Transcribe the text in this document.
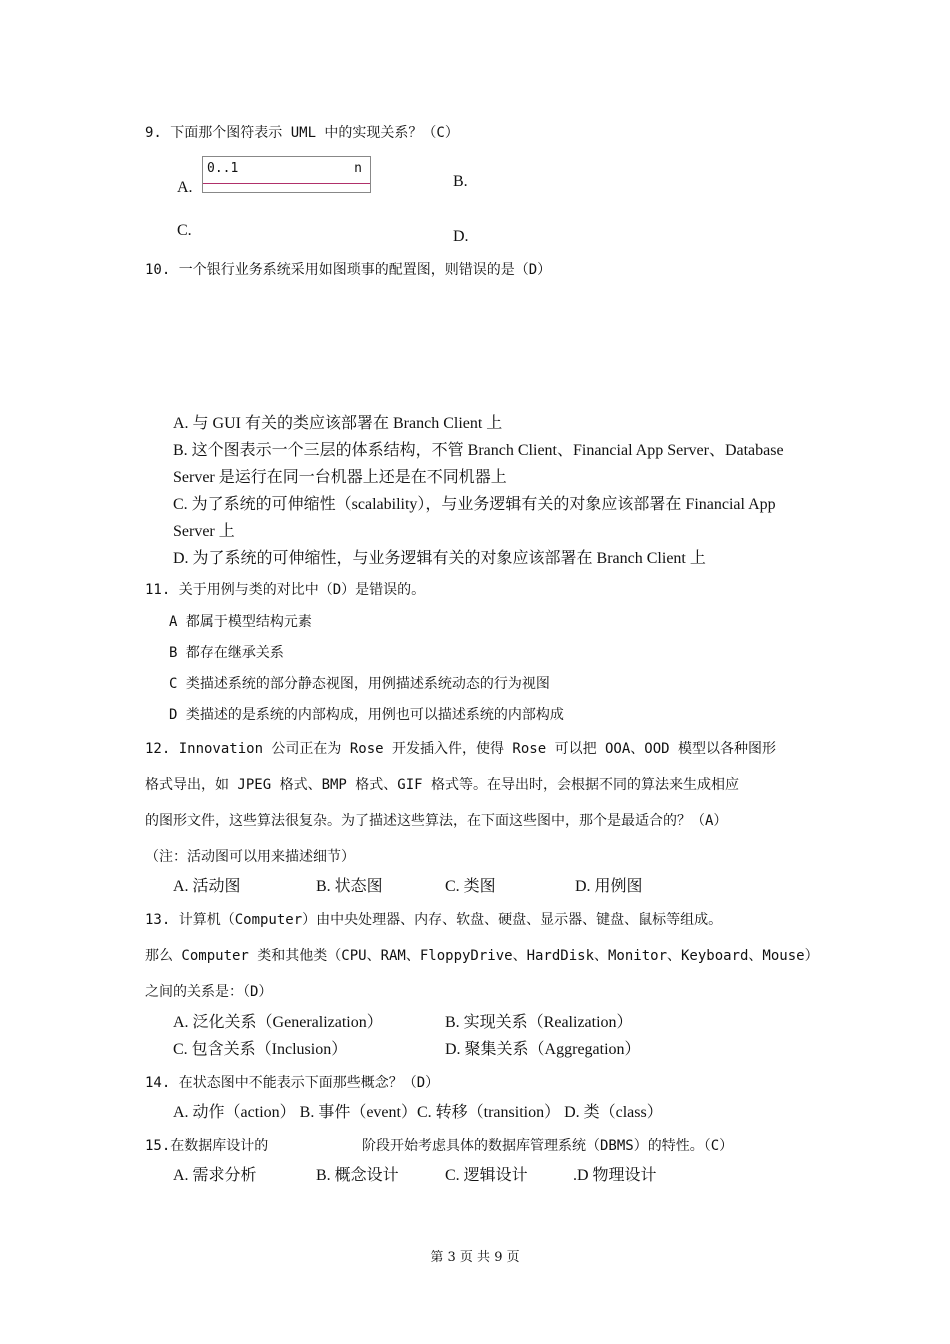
9. 下面那个图符表示 UML 中的实现关系？（C）
A.
0..1	n
B.
C.	D.
10. 一个银行业务系统采用如图琐事的配置图，则错误的是（D）
A. 与 GUI 有关的类应该部署在 Branch Client 上
B. 这个图表示一个三层的体系结构，不管 Branch Client、Financial App Server、Database
Server 是运行在同一台机器上还是在不同机器上
C. 为了系统的可伸缩性（scalability），与业务逻辑有关的对象应该部署在 Financial App
Server 上
D. 为了系统的可伸缩性，与业务逻辑有关的对象应该部署在 Branch Client 上
11. 关于用例与类的对比中（D）是错误的。
A 都属于模型结构元素
B 都存在继承关系
C 类描述系统的部分静态视图，用例描述系统动态的行为视图
D 类描述的是系统的内部构成，用例也可以描述系统的内部构成
12. Innovation 公司正在为 Rose 开发插入件，使得 Rose 可以把 OOA、OOD 模型以各种图形
格式导出，如 JPEG 格式、BMP 格式、GIF 格式等。在导出时，会根据不同的算法来生成相应
的图形文件，这些算法很复杂。为了描述这些算法，在下面这些图中，那个是最适合的？（A）
（注：活动图可以用来描述细节）
A. 活动图	B. 状态图	C. 类图	D. 用例图
13. 计算机（Computer）由中央处理器、内存、软盘、硬盘、显示器、键盘、鼠标等组成。
那么 Computer 类和其他类（CPU、RAM、FloppyDrive、HardDisk、Monitor、Keyboard、Mouse）
之间的关系是：（D）
A. 泛化关系（Generalization）	B. 实现关系（Realization）
C. 包含关系（Inclusion）	D. 聚集关系（Aggregation）
14. 在状态图中不能表示下面那些概念？（D）
A. 动作（action） B. 事件（event）C. 转移（transition） D. 类（class）
15.在数据库设计的	阶段开始考虑具体的数据库管理系统（DBMS）的特性。（C）
A. 需求分析	B. 概念设计	C. 逻辑设计	.D 物理设计
第 3 页 共 9 页
